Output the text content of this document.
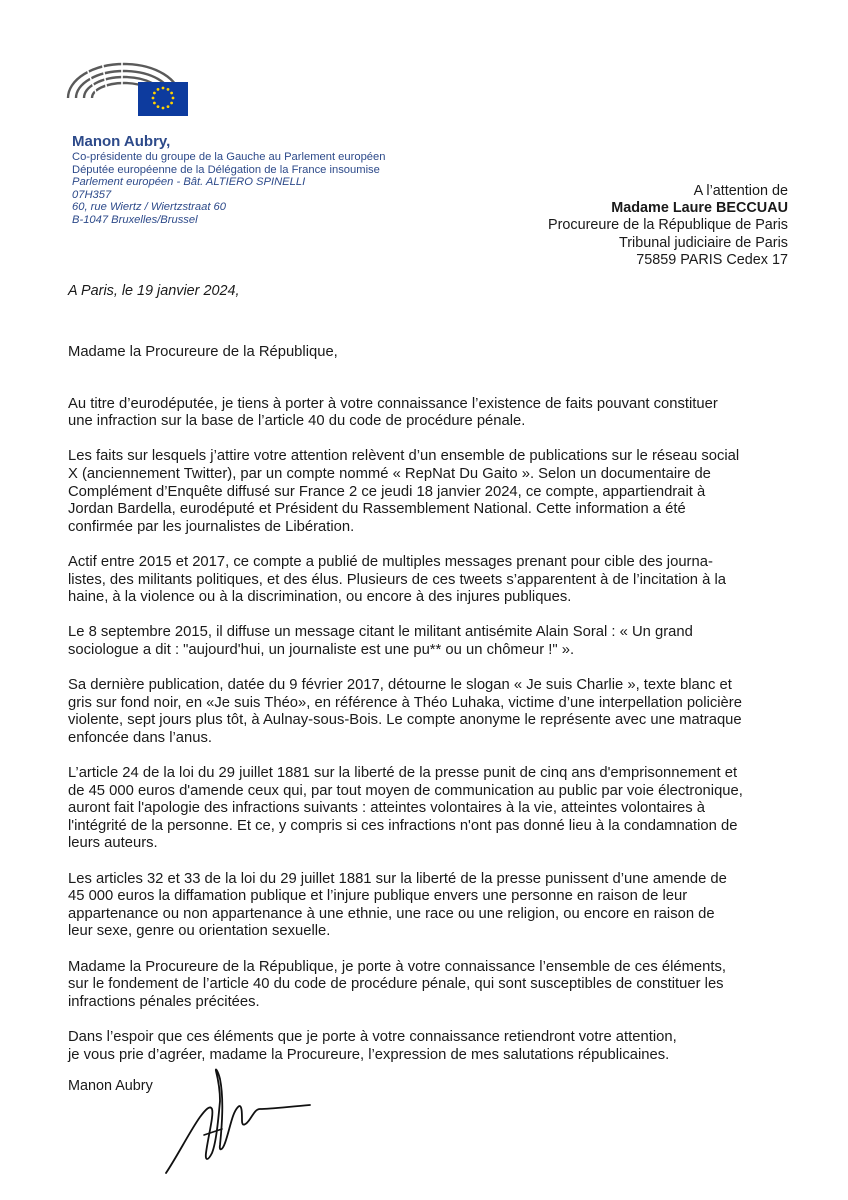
Manon Aubry,
Co-présidente du groupe de la Gauche au Parlement européen
Députée européenne de la Délégation de la France insoumise
Parlement européen - Bât. ALTIERO SPINELLI
07H357
60, rue Wiertz / Wiertzstraat 60
B-1047 Bruxelles/Brussel
A l’attention de
Madame Laure BECCUAU
Procureure de la République de Paris
Tribunal judiciaire de Paris
75859 PARIS Cedex 17
A Paris, le 19 janvier 2024,
Madame la Procureure de la République,
Au titre d’eurodéputée, je tiens à porter à votre connaissance l’existence de faits pouvant constituer
une infraction sur la base de l’article 40 du code de procédure pénale.
Les faits sur lesquels j’attire votre attention relèvent d’un ensemble de publications sur le réseau social
X (anciennement Twitter), par un compte nommé « RepNat Du Gaito ». Selon un documentaire de
Complément d’Enquête diffusé sur France 2 ce jeudi 18 janvier 2024, ce compte, appartiendrait à
Jordan Bardella, eurodéputé et Président du Rassemblement National. Cette information a été
confirmée par les journalistes de Libération.
Actif entre 2015 et 2017, ce compte a publié de multiples messages prenant pour cible des journa-
listes, des militants politiques, et des élus. Plusieurs de ces tweets s’apparentent à de l’incitation à la
haine, à la violence ou à la discrimination, ou encore à des injures publiques.
Le 8 septembre 2015, il diffuse un message citant le militant antisémite Alain Soral : « Un grand
sociologue a dit : "aujourd'hui, un journaliste est une pu** ou un chômeur !" ».
Sa dernière publication, datée du 9 février 2017, détourne le slogan « Je suis Charlie », texte blanc et
gris sur fond noir, en «Je suis Théo», en référence à Théo Luhaka, victime d’une interpellation policière
violente, sept jours plus tôt, à Aulnay-sous-Bois. Le compte anonyme le représente avec une matraque
enfoncée dans l’anus.
L’article 24 de la loi du 29 juillet 1881 sur la liberté de la presse punit de cinq ans d'emprisonnement et
de 45 000 euros d'amende ceux qui, par tout moyen de communication au public par voie électronique,
auront fait l'apologie des infractions suivants : atteintes volontaires à la vie, atteintes volontaires à
l'intégrité de la personne. Et ce, y compris si ces infractions n'ont pas donné lieu à la condamnation de
leurs auteurs.
Les articles 32 et 33 de la loi du 29 juillet 1881 sur la liberté de la presse punissent d’une amende de
45 000 euros la diffamation publique et l’injure publique envers une personne en raison de leur
appartenance ou non appartenance à une ethnie, une race ou une religion, ou encore en raison de
leur sexe, genre ou orientation sexuelle.
Madame la Procureure de la République, je porte à votre connaissance l’ensemble de ces éléments,
sur le fondement de l’article 40 du code de procédure pénale, qui sont susceptibles de constituer les
infractions pénales précitées.
Dans l’espoir que ces éléments que je porte à votre connaissance retiendront votre attention,
je vous prie d’agréer, madame la Procureure, l’expression de mes salutations républicaines.
Manon Aubry
